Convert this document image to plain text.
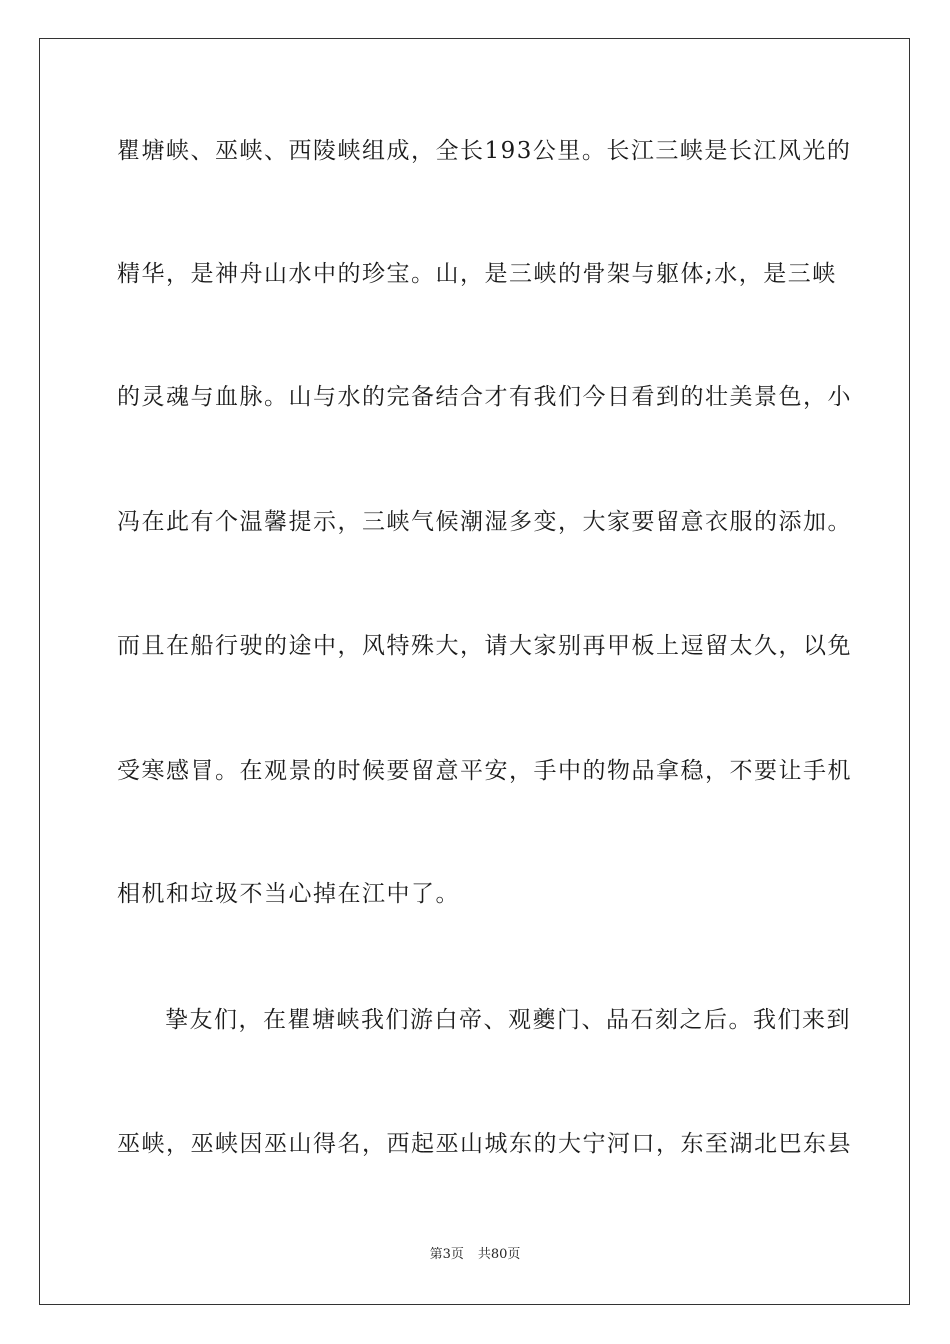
瞿塘峡、巫峡、西陵峡组成，全长193公里。长江三峡是长江风光的
精华，是神舟山水中的珍宝。山，是三峡的骨架与躯体;水，是三峡
的灵魂与血脉。山与水的完备结合才有我们今日看到的壮美景色，小
冯在此有个温馨提示，三峡气候潮湿多变，大家要留意衣服的添加。
而且在船行驶的途中，风特殊大，请大家别再甲板上逗留太久，以免
受寒感冒。在观景的时候要留意平安，手中的物品拿稳，不要让手机
相机和垃圾不当心掉在江中了。
挚友们，在瞿塘峡我们游白帝、观夔门、品石刻之后。我们来到
巫峡，巫峡因巫山得名，西起巫山城东的大宁河口，东至湖北巴东县
第3页 共80页
